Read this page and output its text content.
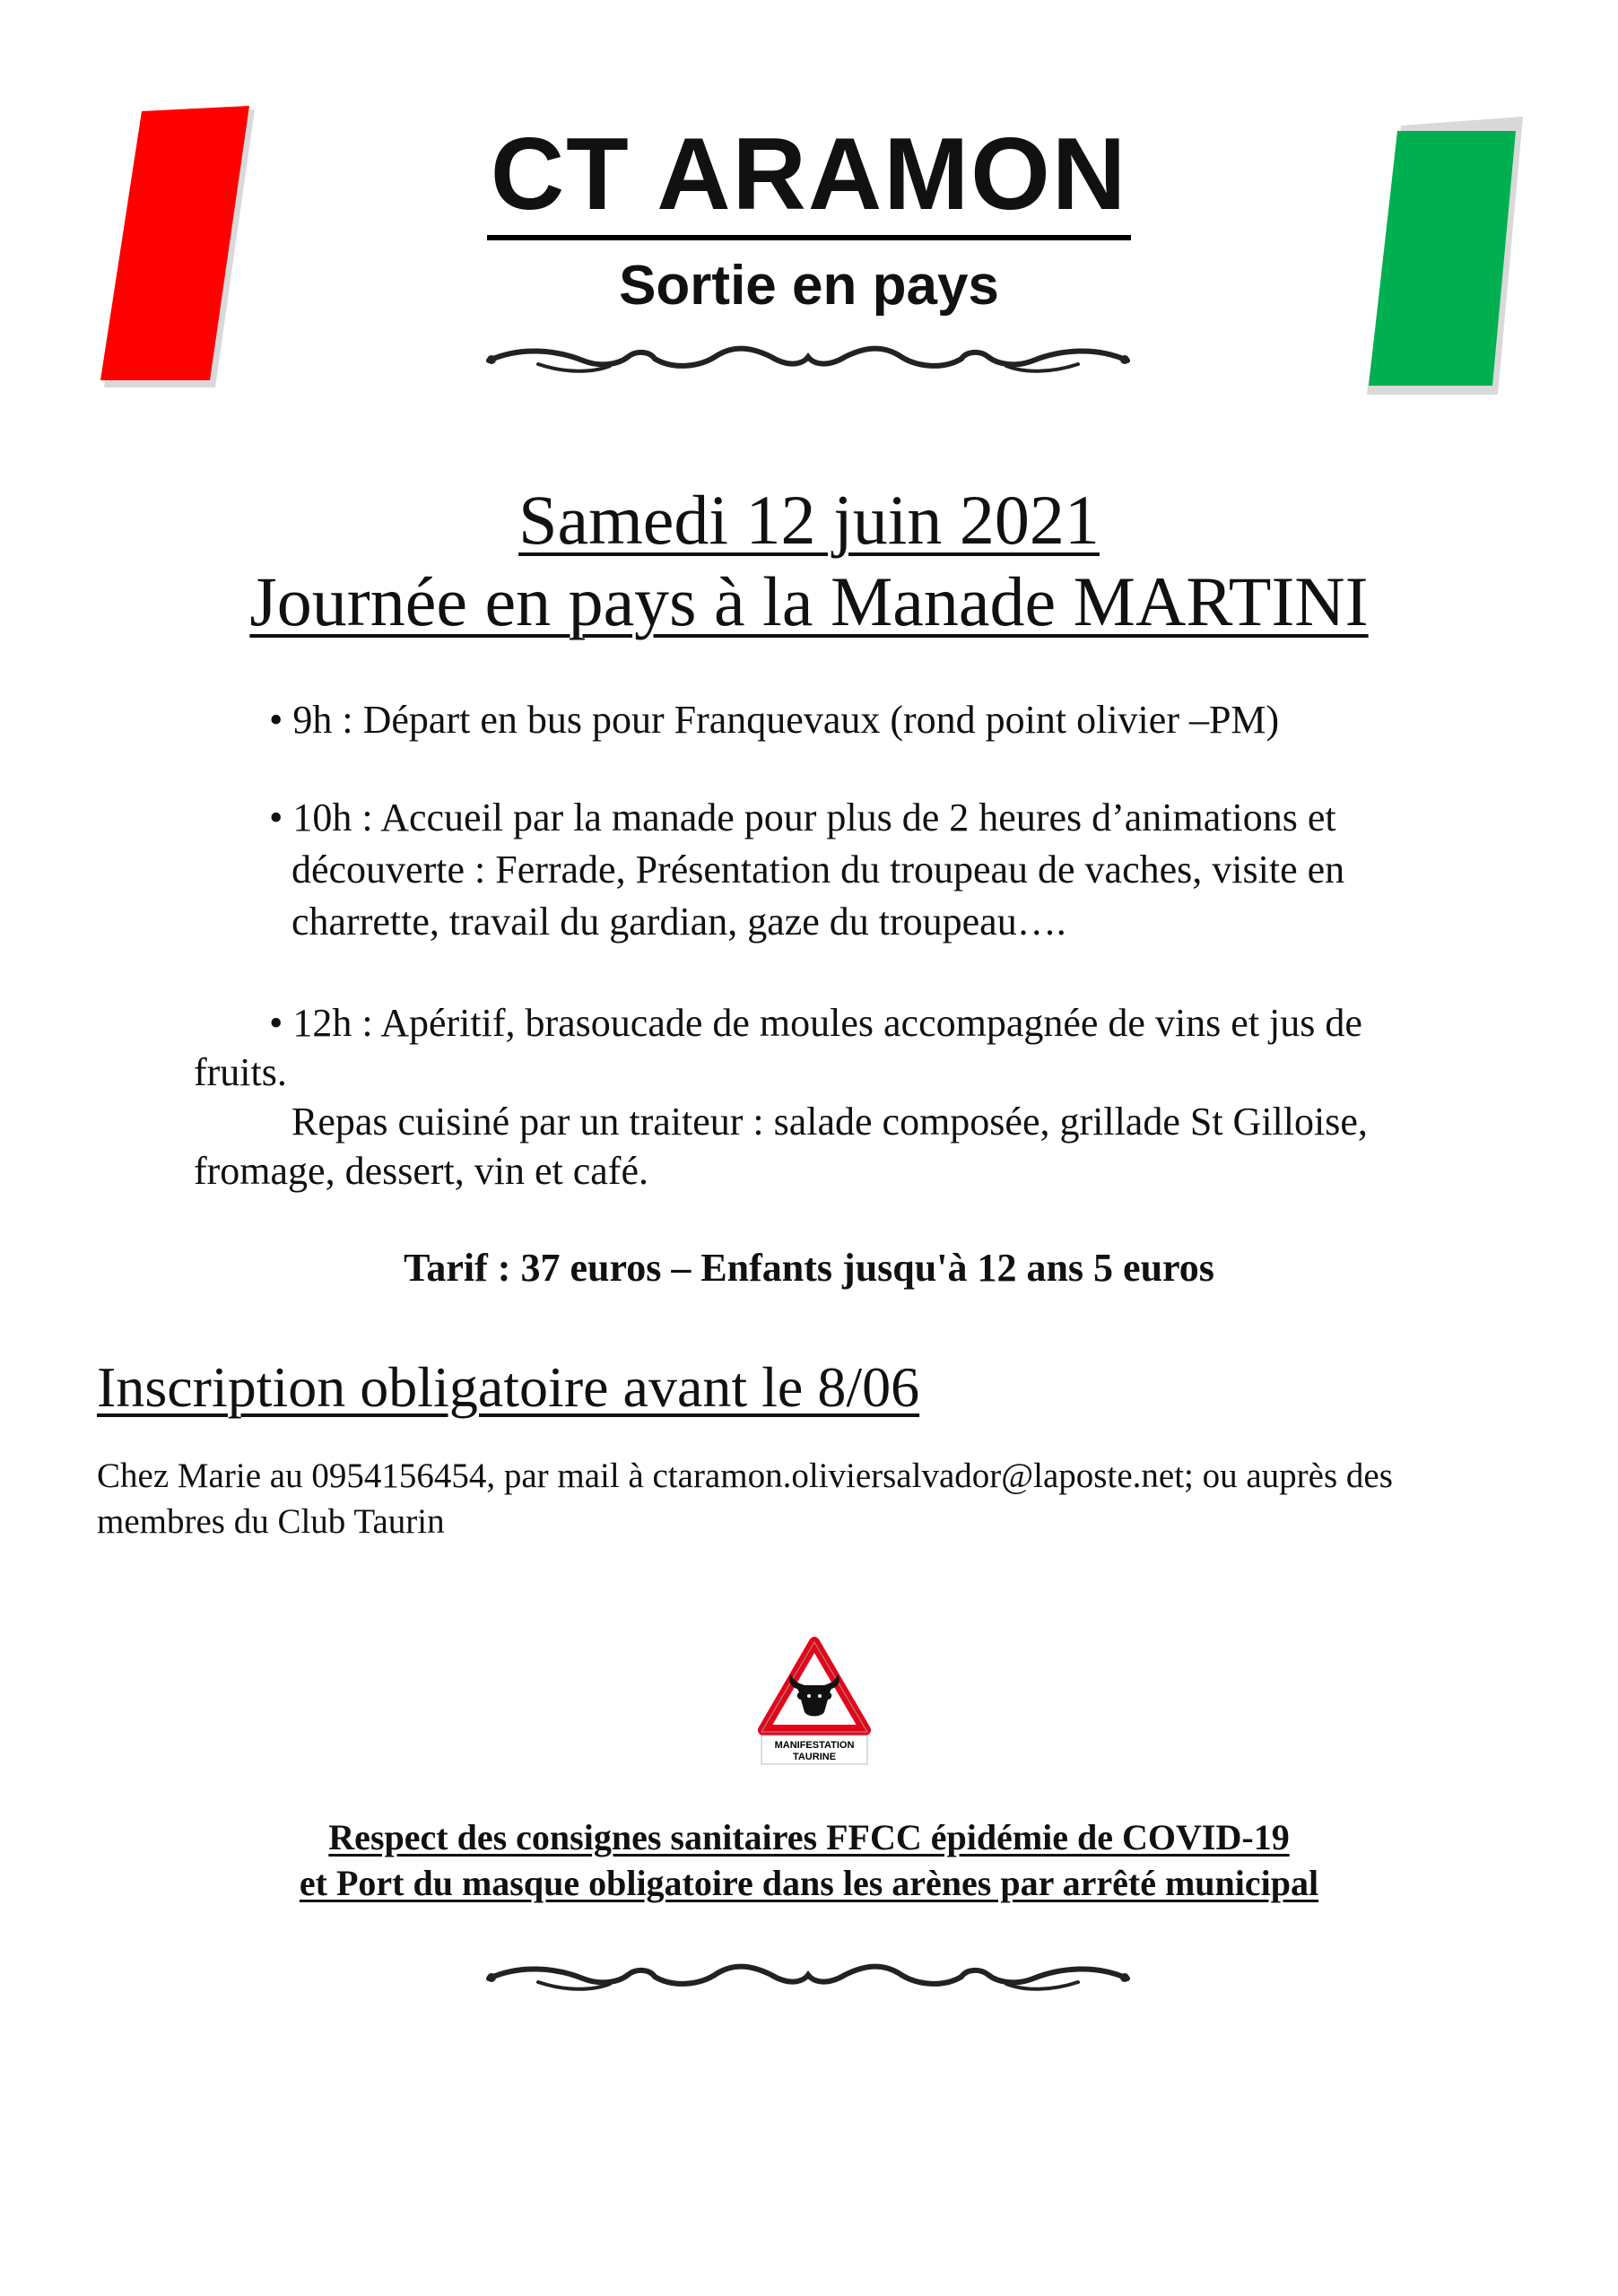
CT ARAMON
Sortie en pays
Samedi 12 juin 2021
Journée en pays à la Manade MARTINI
• 9h : Départ en bus pour Franquevaux (rond point olivier –PM)
• 10h : Accueil par la manade pour plus de 2 heures d’animations et
découverte : Ferrade, Présentation du troupeau de vaches, visite en
charrette, travail du gardian, gaze du troupeau….
• 12h : Apéritif, brasoucade de moules accompagnée de vins et jus de
fruits.
Repas cuisiné par un traiteur : salade composée, grillade St Gilloise,
fromage, dessert, vin et café.
Tarif : 37 euros – Enfants jusqu'à 12 ans 5 euros
Inscription obligatoire avant le 8/06
Chez Marie au 0954156454, par mail à ctaramon.oliviersalvador@laposte.net; ou auprès des
membres du Club Taurin
MANIFESTATION
TAURINE
Respect des consignes sanitaires FFCC épidémie de COVID-19
et Port du masque obligatoire dans les arènes par arrêté municipal
